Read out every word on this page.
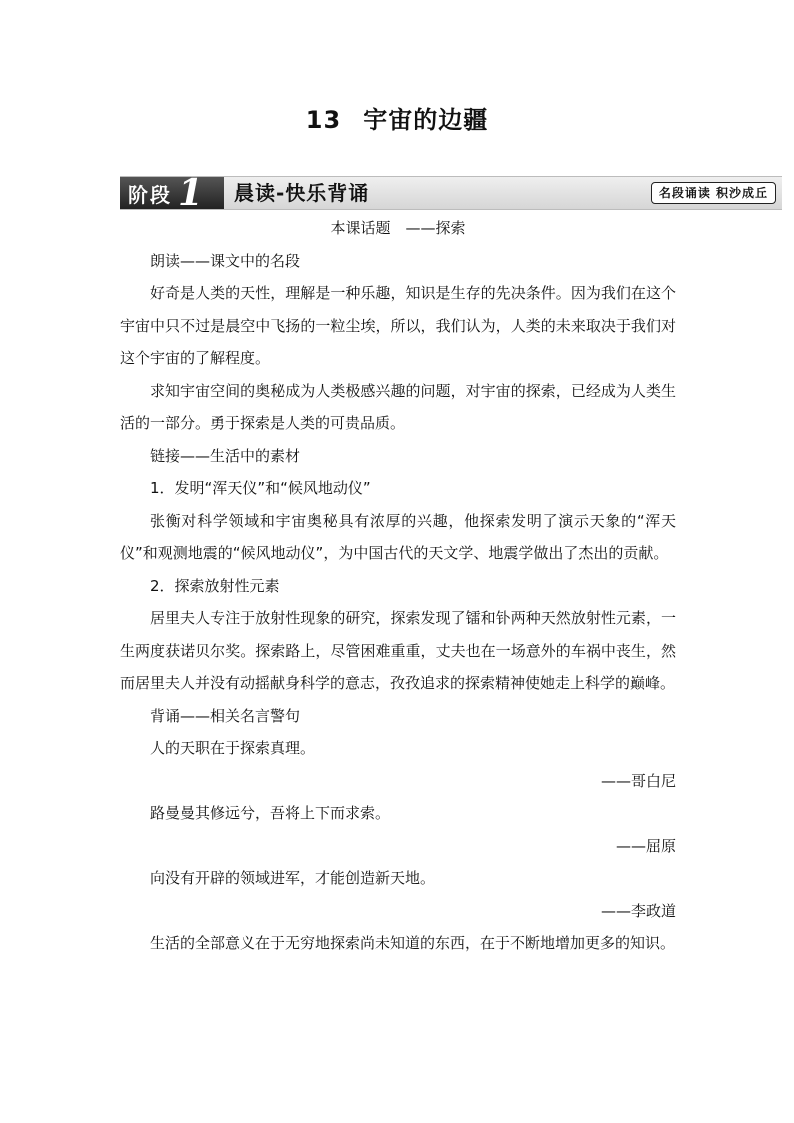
13 宇宙的边疆
阶段 1 晨读-快乐背诵	名段诵读 积沙成丘

本课话题　——探索

朗读——课文中的名段

好奇是人类的天性，理解是一种乐趣，知识是生存的先决条件。因为我们在这个宇宙中只不过是晨空中飞扬的一粒尘埃，所以，我们认为，人类的未来取决于我们对这个宇宙的了解程度。

求知宇宙空间的奥秘成为人类极感兴趣的问题，对宇宙的探索，已经成为人类生活的一部分。勇于探索是人类的可贵品质。

链接——生活中的素材

1．发明“浑天仪”和“候风地动仪”

张衡对科学领域和宇宙奥秘具有浓厚的兴趣，他探索发明了演示天象的“浑天仪”和观测地震的“候风地动仪”，为中国古代的天文学、地震学做出了杰出的贡献。

2．探索放射性元素

居里夫人专注于放射性现象的研究，探索发现了镭和钋两种天然放射性元素，一生两度获诺贝尔奖。探索路上，尽管困难重重，丈夫也在一场意外的车祸中丧生，然而居里夫人并没有动摇献身科学的意志，孜孜追求的探索精神使她走上科学的巅峰。

背诵——相关名言警句

人的天职在于探索真理。

——哥白尼

路曼曼其修远兮，吾将上下而求索。

——屈原

向没有开辟的领域进军，才能创造新天地。

——李政道

生活的全部意义在于无穷地探索尚未知道的东西，在于不断地增加更多的知识。
